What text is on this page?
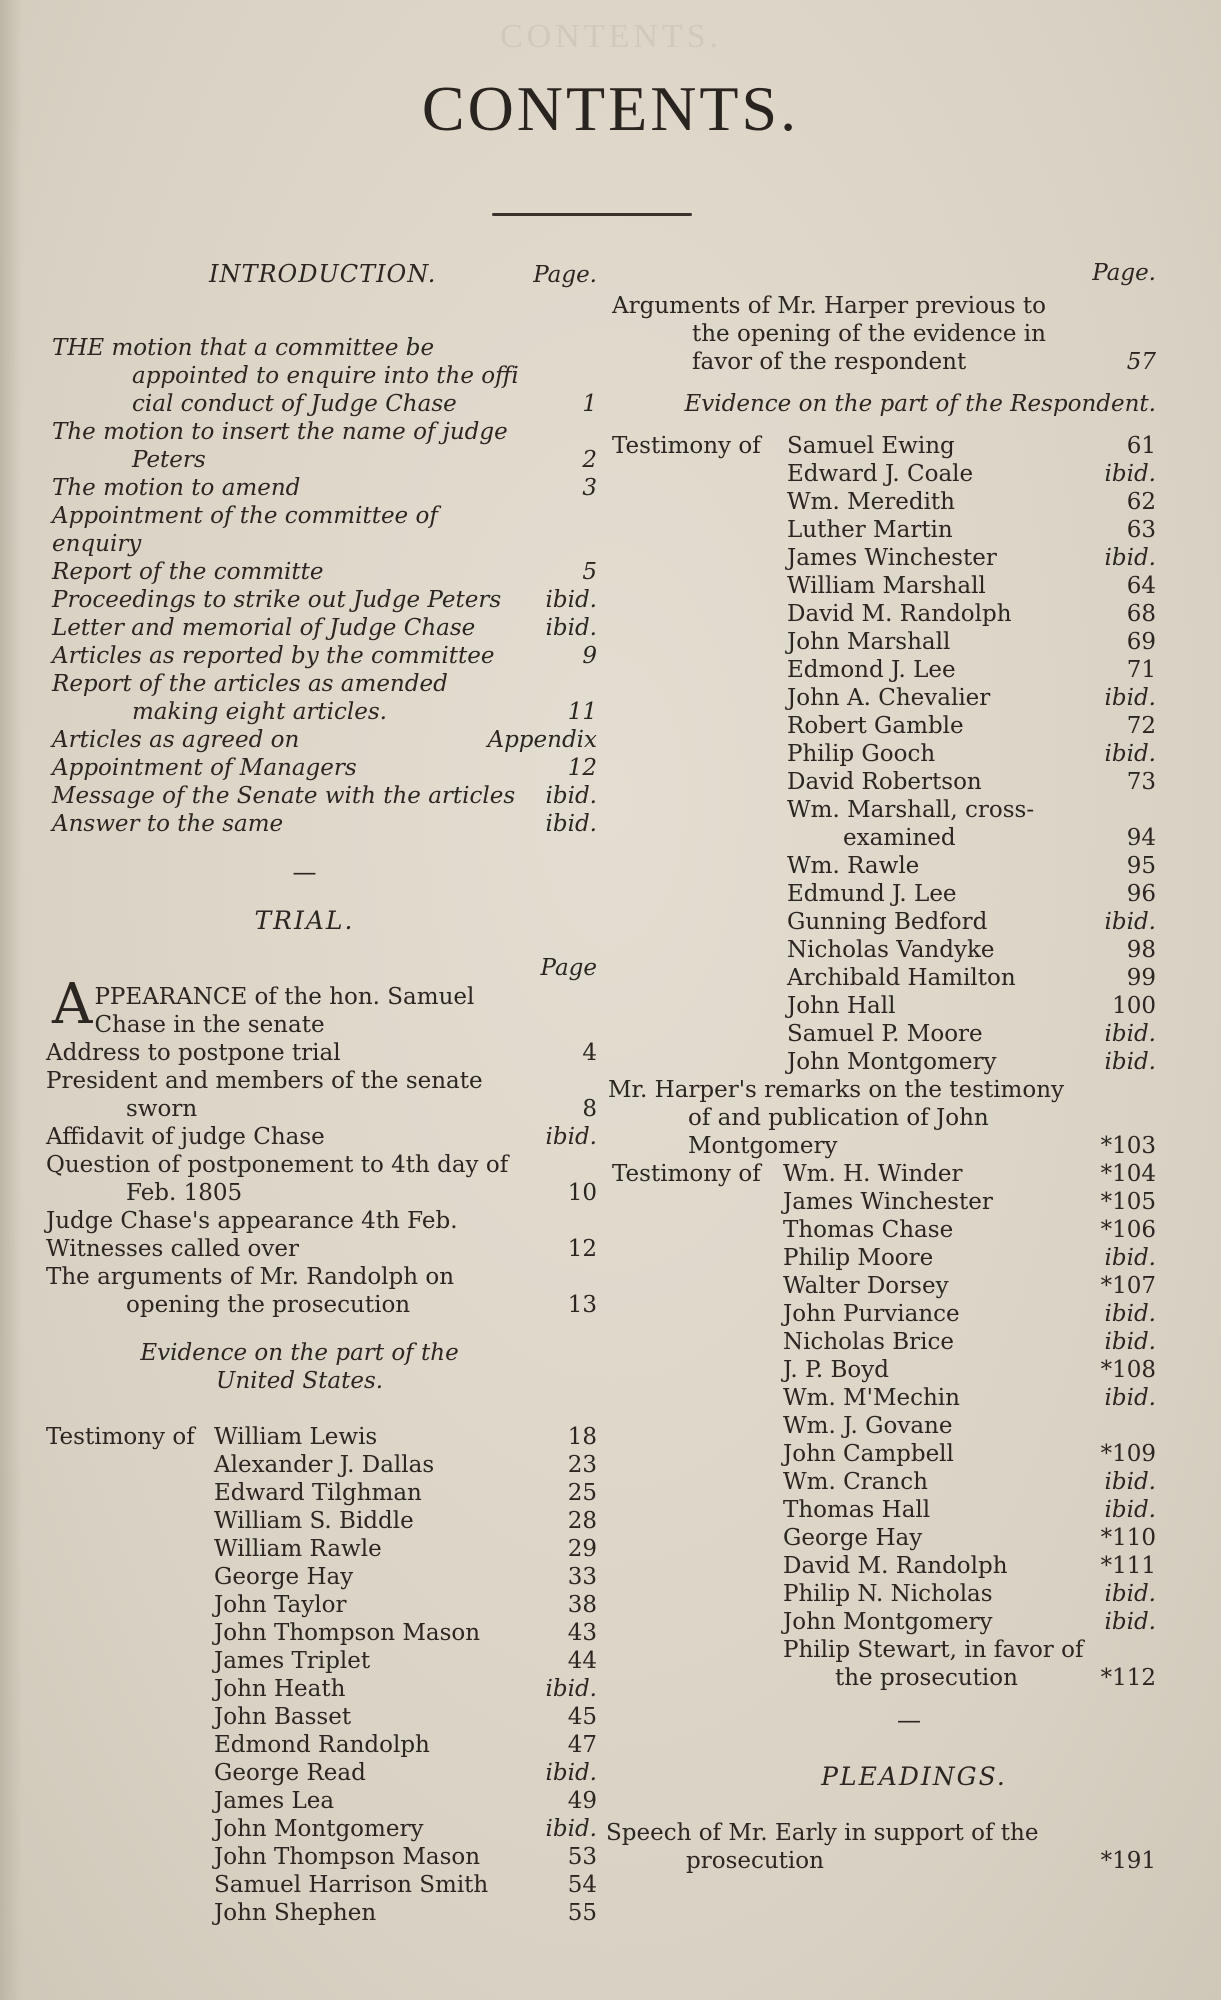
CONTENTS.
CONTENTS.
INTRODUCTION.	Page.
THE motion that a committee be appointed to enquire into the offi cial conduct of Judge Chase	1
The motion to insert the name of judge Peters	2
The motion to amend	3
Appointment of the committee of enquiry
Report of the committe	5
Proceedings to strike out Judge Peters	ibid.
Letter and memorial of Judge Chase	ibid.
Articles as reported by the committee	9
Report of the articles as amended making eight articles.	11
Articles as agreed on	Appendix
Appointment of Managers	12
Message of the Senate with the articles	ibid.
Answer to the same	ibid.
—
TRIAL.
Page
APPEARANCE of the hon. Samuel Chase in the senate
Address to postpone trial	4
President and members of the senate sworn	8
Affidavit of judge Chase	ibid.
Question of postponement to 4th day of Feb. 1805	10
Judge Chase's appearance 4th Feb.
Witnesses called over	12
The arguments of Mr. Randolph on opening the prosecution	13
Evidence on the part of the United States.
Testimony of William Lewis	18
Alexander J. Dallas	23
Edward Tilghman	25
William S. Biddle	28
William Rawle	29
George Hay	33
John Taylor	38
John Thompson Mason	43
James Triplet	44
John Heath	ibid.
John Basset	45
Edmond Randolph	47
George Read	ibid.
James Lea	49
John Montgomery	ibid.
John Thompson Mason	53
Samuel Harrison Smith	54
John Shephen	55
Page.
Arguments of Mr. Harper previous to the opening of the evidence in favor of the respondent	57
Evidence on the part of the Respondent.
Testimony of	Samuel Ewing	61
Edward J. Coale	ibid.
Wm. Meredith	62
Luther Martin	63
James Winchester	ibid.
William Marshall	64
David M. Randolph	68
John Marshall	69
Edmond J. Lee	71
John A. Chevalier	ibid.
Robert Gamble	72
Philip Gooch	ibid.
David Robertson	73
Wm. Marshall, cross-examined	94
Wm. Rawle	95
Edmund J. Lee	96
Gunning Bedford	ibid.
Nicholas Vandyke	98
Archibald Hamilton	99
John Hall	100
Samuel P. Moore	ibid.
John Montgomery	ibid.
Mr. Harper's remarks on the testimony of and publication of John Montgomery	*103
Testimony of Wm. H. Winder	*104
James Winchester	*105
Thomas Chase	*106
Philip Moore	ibid.
Walter Dorsey	*107
John Purviance	ibid.
Nicholas Brice	ibid.
J. P. Boyd	*108
Wm. M'Mechin	ibid.
Wm. J. Govane
John Campbell	*109
Wm. Cranch	ibid.
Thomas Hall	ibid.
George Hay	*110
David M. Randolph	*111
Philip N. Nicholas	ibid.
John Montgomery	ibid.
Philip Stewart, in favor of the prosecution	*112
—
PLEADINGS.
Speech of Mr. Early in support of the prosecution	*191
